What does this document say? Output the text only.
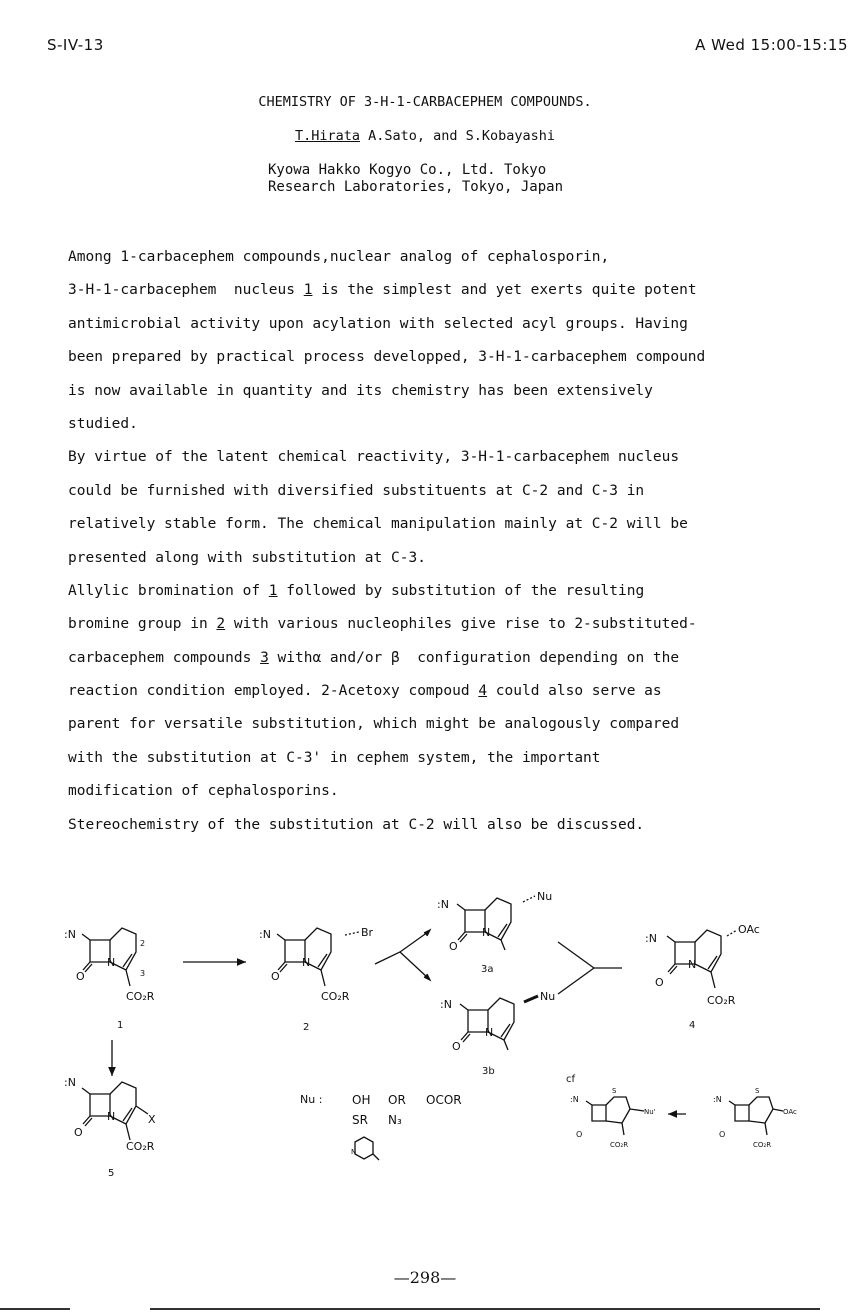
S-IV-13	A Wed 15:00-15:15
CHEMISTRY OF 3-H-1-CARBACEPHEM COMPOUNDS.
T.Hirata A.Sato, and S.Kobayashi
Kyowa Hakko Kogyo Co., Ltd. Tokyo
Research Laboratories, Tokyo, Japan
Among 1-carbacephem compounds,nuclear analog of cephalosporin,
3-H-1-carbacephem  nucleus 1 is the simplest and yet exerts quite potent
antimicrobial activity upon acylation with selected acyl groups. Having
been prepared by practical process developped, 3-H-1-carbacephem compound
is now available in quantity and its chemistry has been extensively
studied.
By virtue of the latent chemical reactivity, 3-H-1-carbacephem nucleus
could be furnished with diversified substituents at C-2 and C-3 in
relatively stable form. The chemical manipulation mainly at C-2 will be
presented along with substitution at C-3.
Allylic bromination of 1 followed by substitution of the resulting
bromine group in 2 with various nucleophiles give rise to 2-substituted-
carbacephem compounds 3 withα and/or β  configuration depending on the
reaction condition employed. 2-Acetoxy compoud 4 could also serve as
parent for versatile substitution, which might be analogously compared
with the substitution at C-3' in cephem system, the important
modification of cephalosporins.
Stereochemistry of the substitution at C-2 will also be discussed.
:N
O
N
2
3
CO₂R
1
:N
O
N
Br
CO₂R
2
:N
O
N
Nu
3a
:N
O
N
Nu
3b
:N
O
N
OAc
CO₂R
4
:N
O
N	X
CO₂R
5
Nu : OH OR OCOR
SR N₃
N
cf
:N
O
S
Nu'
CO₂R
:N
O
S
OAc
CO₂R
—298—
